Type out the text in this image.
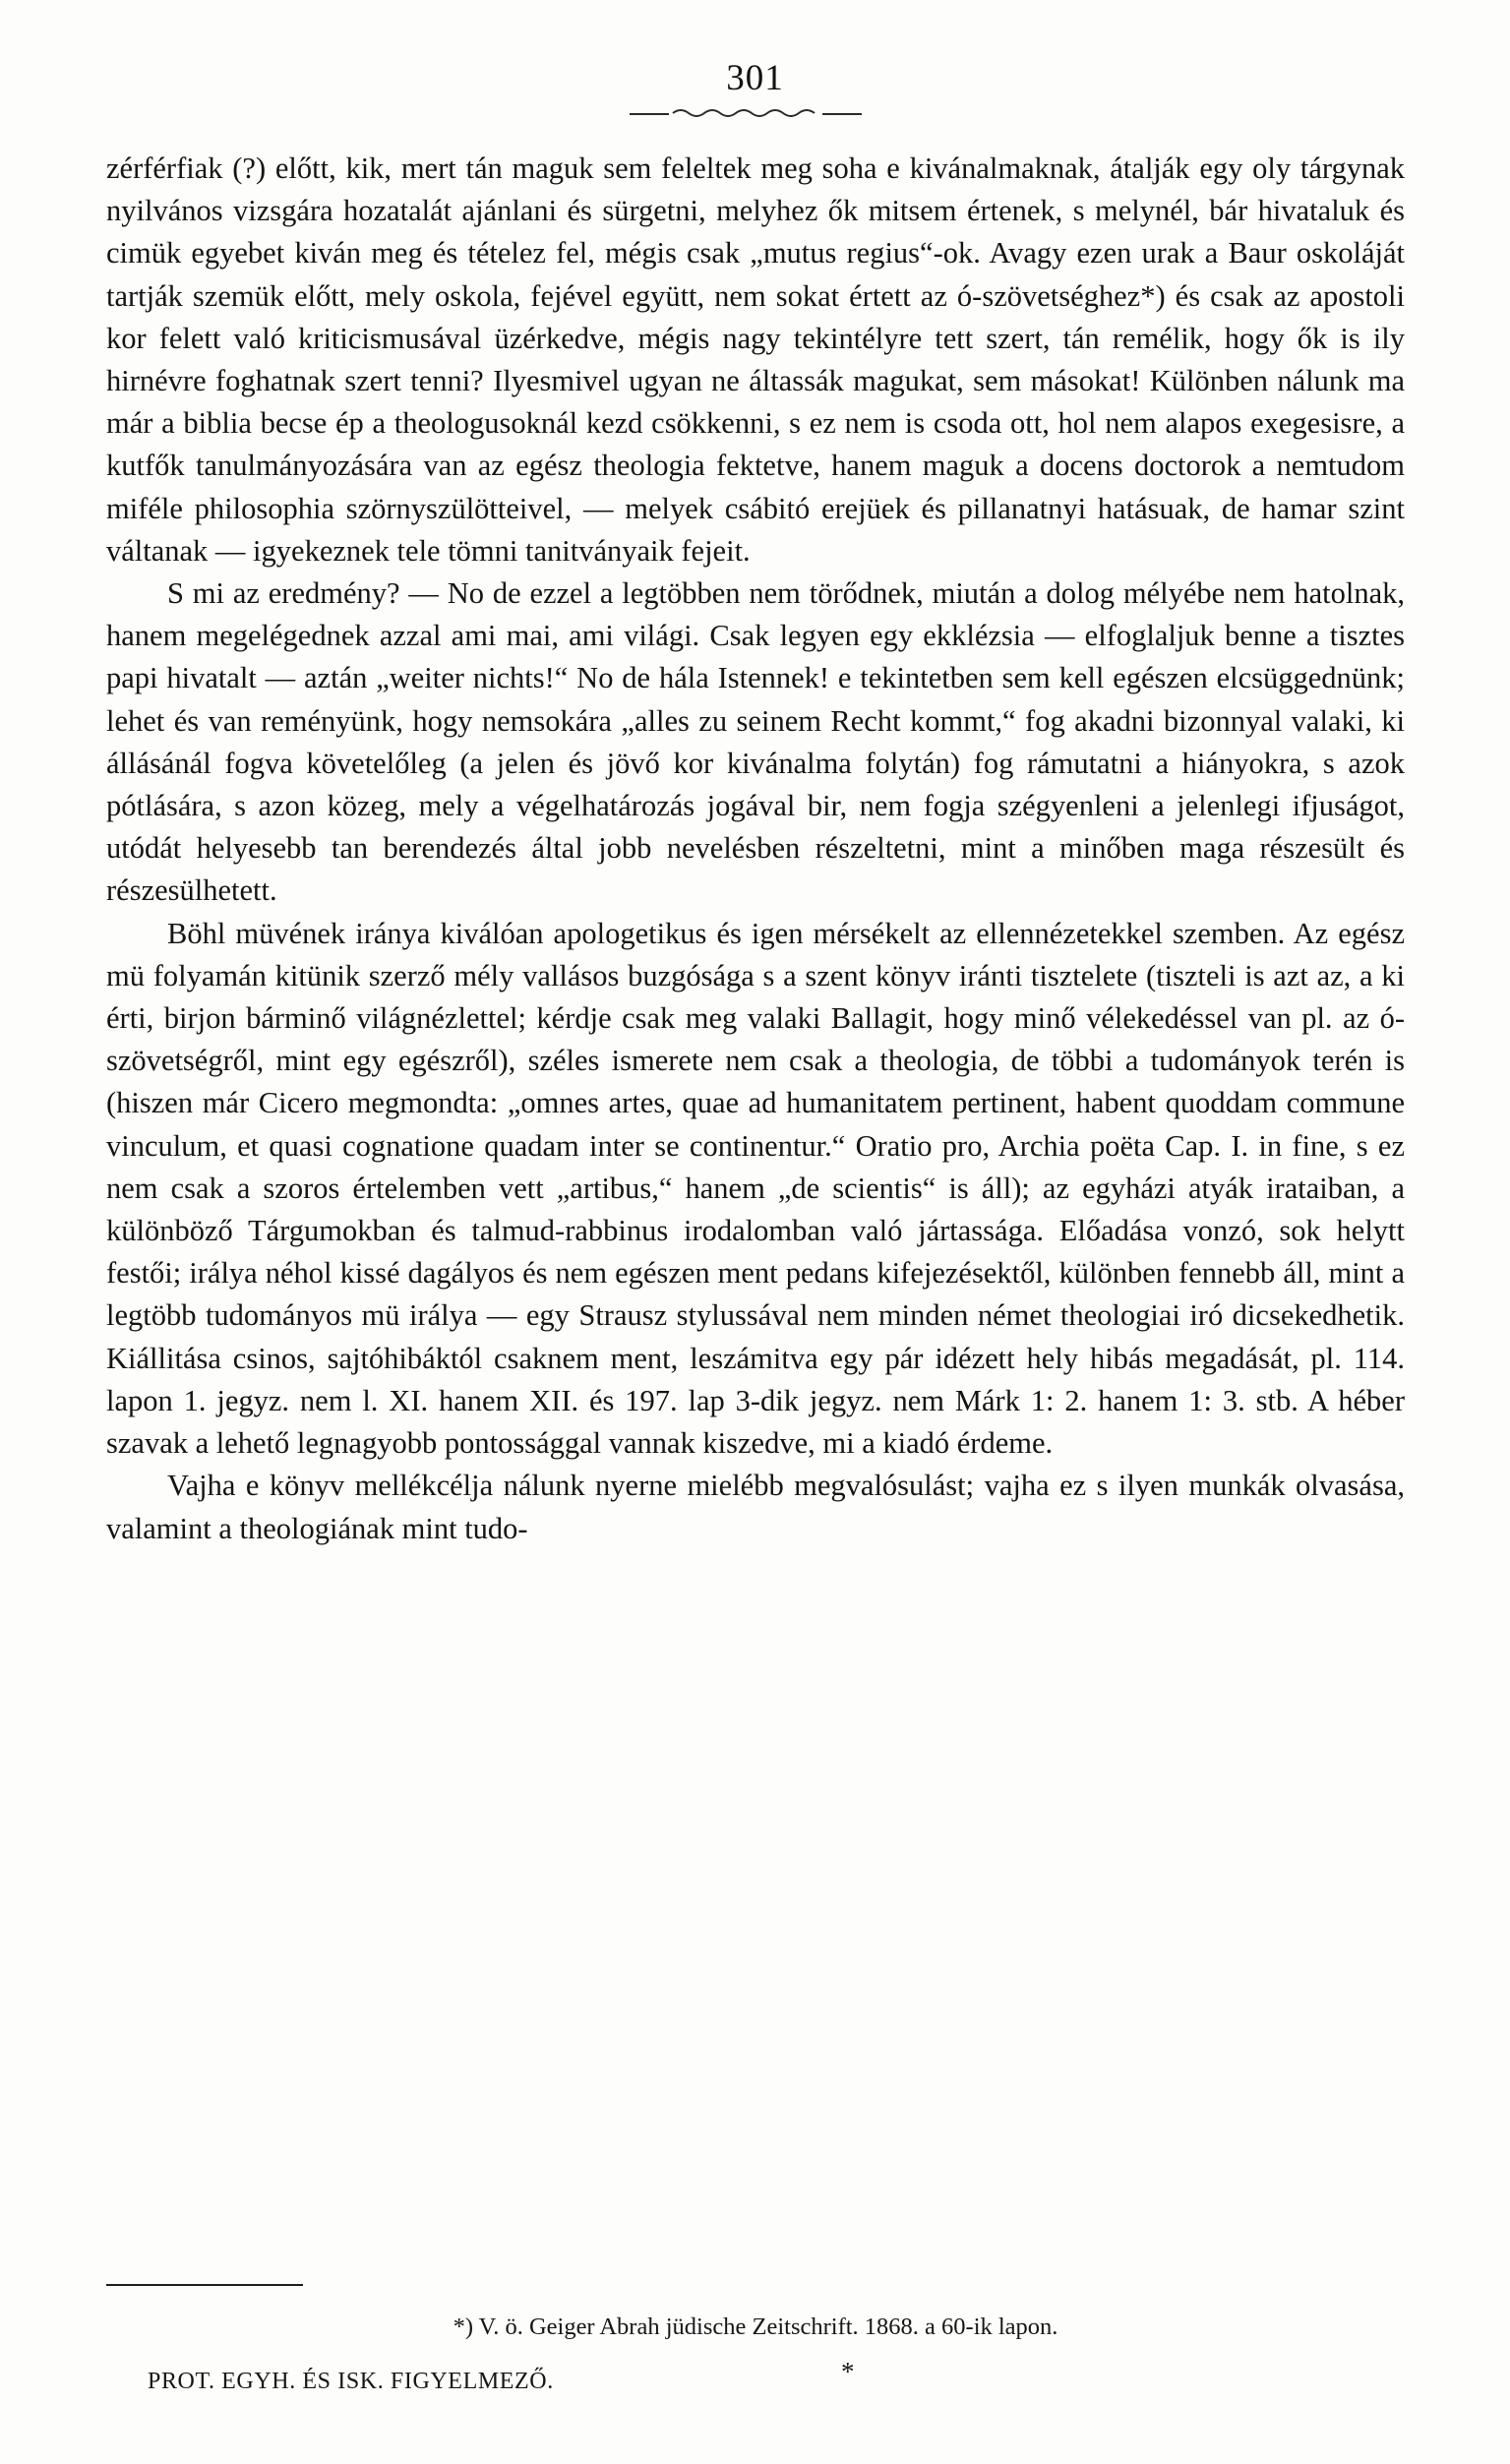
301

zérférfiak (?) előtt, kik, mert tán maguk sem feleltek meg soha e kivánalmaknak, átalják egy oly tárgynak nyilvános vizsgára hozatalát ajánlani és sürgetni, melyhez ők mitsem értenek, s melynél, bár hivataluk és cimük egyebet kiván meg és tételez fel, mégis csak „mutus regius“-ok. Avagy ezen urak a Baur oskoláját tartják szemük előtt, mely oskola, fejével együtt, nem sokat értett az ó-szövetséghez*) és csak az apostoli kor felett való kriticismusával üzérkedve, mégis nagy tekintélyre tett szert, tán remélik, hogy ők is ily hirnévre foghatnak szert tenni? Ilyesmivel ugyan ne áltassák magukat, sem másokat! Különben nálunk ma már a biblia becse ép a theologusoknál kezd csökkenni, s ez nem is csoda ott, hol nem alapos exegesisre, a kutfők tanulmányozására van az egész theologia fektetve, hanem maguk a docens doctorok a nemtudom miféle philosophia szörnyszülötteivel, — melyek csábitó erejüek és pillanatnyi hatásuak, de hamar szint váltanak — igyekeznek tele tömni tanitványaik fejeit.

S mi az eredmény? — No de ezzel a legtöbben nem törődnek, miután a dolog mélyébe nem hatolnak, hanem megelégednek azzal ami mai, ami világi. Csak legyen egy ekklézsia — elfoglaljuk benne a tisztes papi hivatalt — aztán „weiter nichts!“ No de hála Istennek! e tekintetben sem kell egészen elcsüggednünk; lehet és van reményünk, hogy nemsokára „alles zu seinem Recht kommt,“ fog akadni bizonnyal valaki, ki állásánál fogva követelőleg (a jelen és jövő kor kivánalma folytán) fog rámutatni a hiányokra, s azok pótlására, s azon közeg, mely a végelhatározás jogával bir, nem fogja szégyenleni a jelenlegi ifjuságot, utódát helyesebb tan berendezés által jobb nevelésben részeltetni, mint a minőben maga részesült és részesülhetett.

Böhl müvének iránya kiválóan apologetikus és igen mérsékelt az ellennézetekkel szemben. Az egész mü folyamán kitünik szerző mély vallásos buzgósága s a szent könyv iránti tisztelete (tiszteli is azt az, a ki érti, birjon bárminő világnézlettel; kérdje csak meg valaki Ballagit, hogy minő vélekedéssel van pl. az ó-szövetségről, mint egy egészről), széles ismerete nem csak a theologia, de többi a tudományok terén is (hiszen már Cicero megmondta: „omnes artes, quae ad humanitatem pertinent, habent quoddam commune vinculum, et quasi cognatione quadam inter se continentur.“ Oratio pro, Archia poëta Cap. I. in fine, s ez nem csak a szoros értelemben vett „artibus,“ hanem „de scientis“ is áll); az egyházi atyák irataiban, a különböző Tárgumokban és talmud-rabbinus irodalomban való jártassága. Előadása vonzó, sok helytt festői; irálya néhol kissé dagályos és nem egészen ment pedans kifejezésektől, különben fennebb áll, mint a legtöbb tudományos mü irálya — egy Strausz stylussával nem minden német theologiai iró dicsekedhetik. Kiállitása csinos, sajtóhibáktól csaknem ment, leszámitva egy pár idézett hely hibás megadását, pl. 114. lapon 1. jegyz. nem l. XI. hanem XII. és 197. lap 3-dik jegyz. nem Márk 1: 2. hanem 1: 3. stb. A héber szavak a lehető legnagyobb pontossággal vannak kiszedve, mi a kiadó érdeme.

Vajha e könyv mellékcélja nálunk nyerne mielébb megvalósulást; vajha ez s ilyen munkák olvasása, valamint a theologiának mint tudo-

*) V. ö. Geiger Abrah jüdische Zeitschrift. 1868. a 60-ik lapon.
PROT. EGYH. ÉS ISK. FIGYELMEZŐ.	*
